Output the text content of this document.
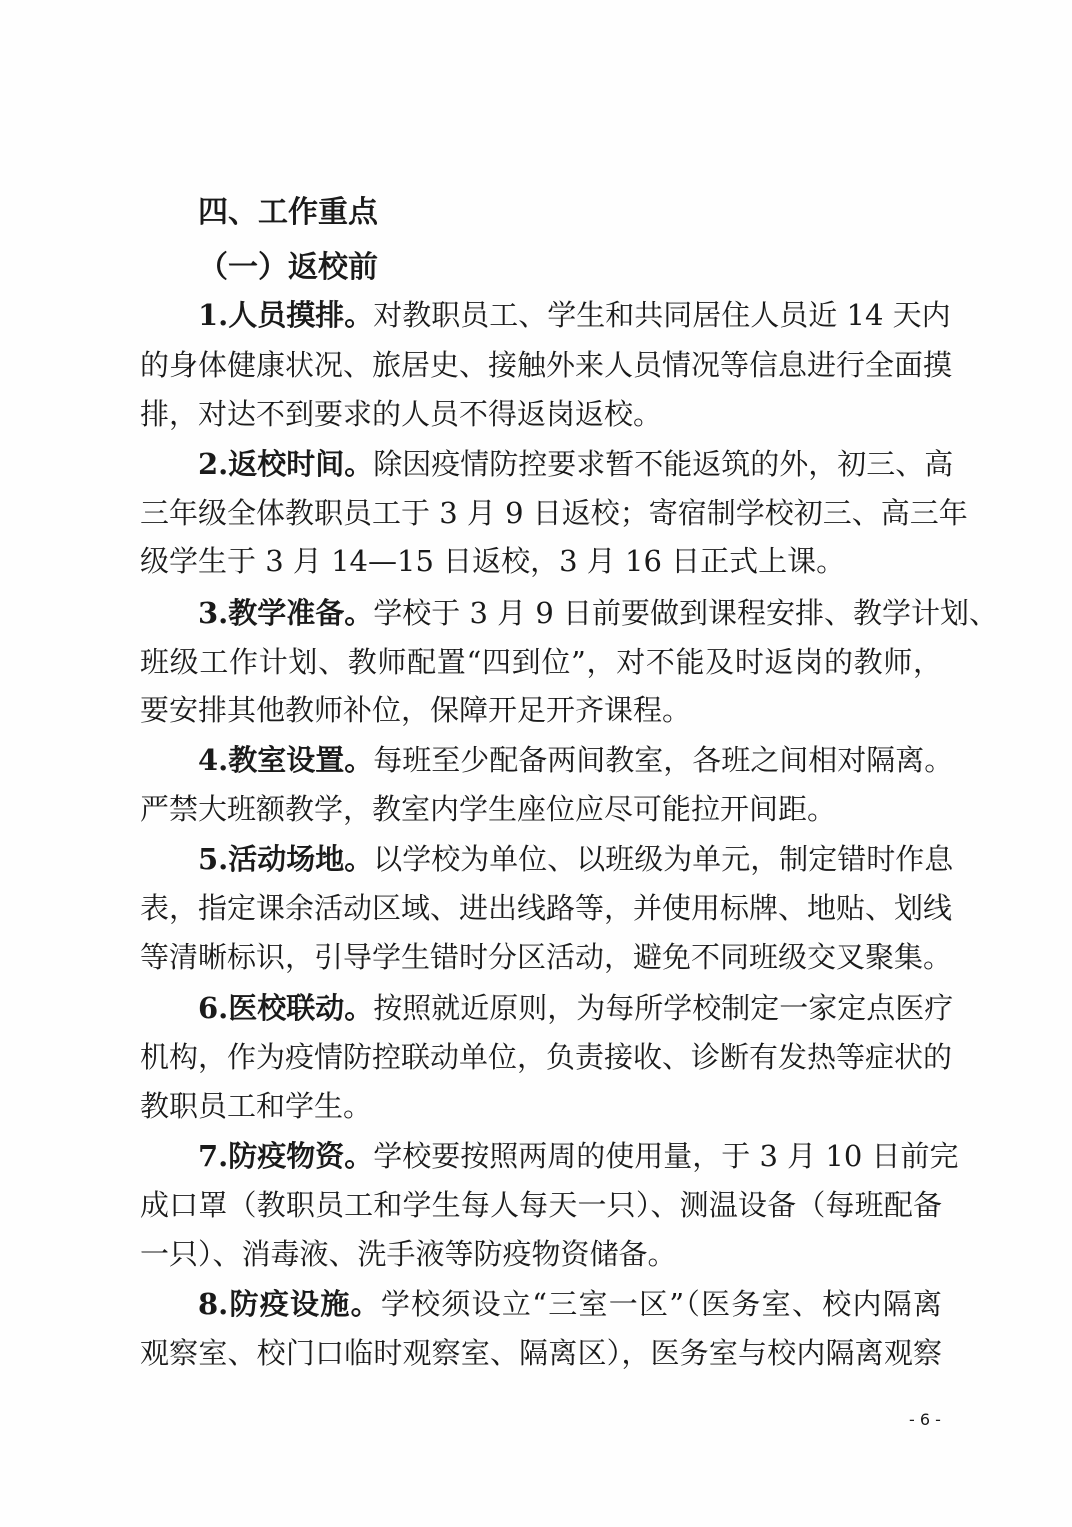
四、工作重点
（一）返校前
1.人员摸排。对教职员工、学生和共同居住人员近 14 天内
的身体健康状况、旅居史、接触外来人员情况等信息进行全面摸
排，对达不到要求的人员不得返岗返校。
2.返校时间。除因疫情防控要求暂不能返筑的外，初三、高
三年级全体教职员工于 3 月 9 日返校；寄宿制学校初三、高三年
级学生于 3 月 14—15 日返校，3 月 16 日正式上课。
3.教学准备。学校于 3 月 9 日前要做到课程安排、教学计划、
班级工作计划、教师配置“四到位”，对不能及时返岗的教师，
要安排其他教师补位，保障开足开齐课程。
4.教室设置。每班至少配备两间教室，各班之间相对隔离。
严禁大班额教学，教室内学生座位应尽可能拉开间距。
5.活动场地。以学校为单位、以班级为单元，制定错时作息
表，指定课余活动区域、进出线路等，并使用标牌、地贴、划线
等清晰标识，引导学生错时分区活动，避免不同班级交叉聚集。
6.医校联动。按照就近原则，为每所学校制定一家定点医疗
机构，作为疫情防控联动单位，负责接收、诊断有发热等症状的
教职员工和学生。
7.防疫物资。学校要按照两周的使用量，于 3 月 10 日前完
成口罩（教职员工和学生每人每天一只）、测温设备（每班配备
一只）、消毒液、洗手液等防疫物资储备。
8.防疫设施。学校须设立“三室一区”（医务室、校内隔离
观察室、校门口临时观察室、隔离区），医务室与校内隔离观察
- 6 -
